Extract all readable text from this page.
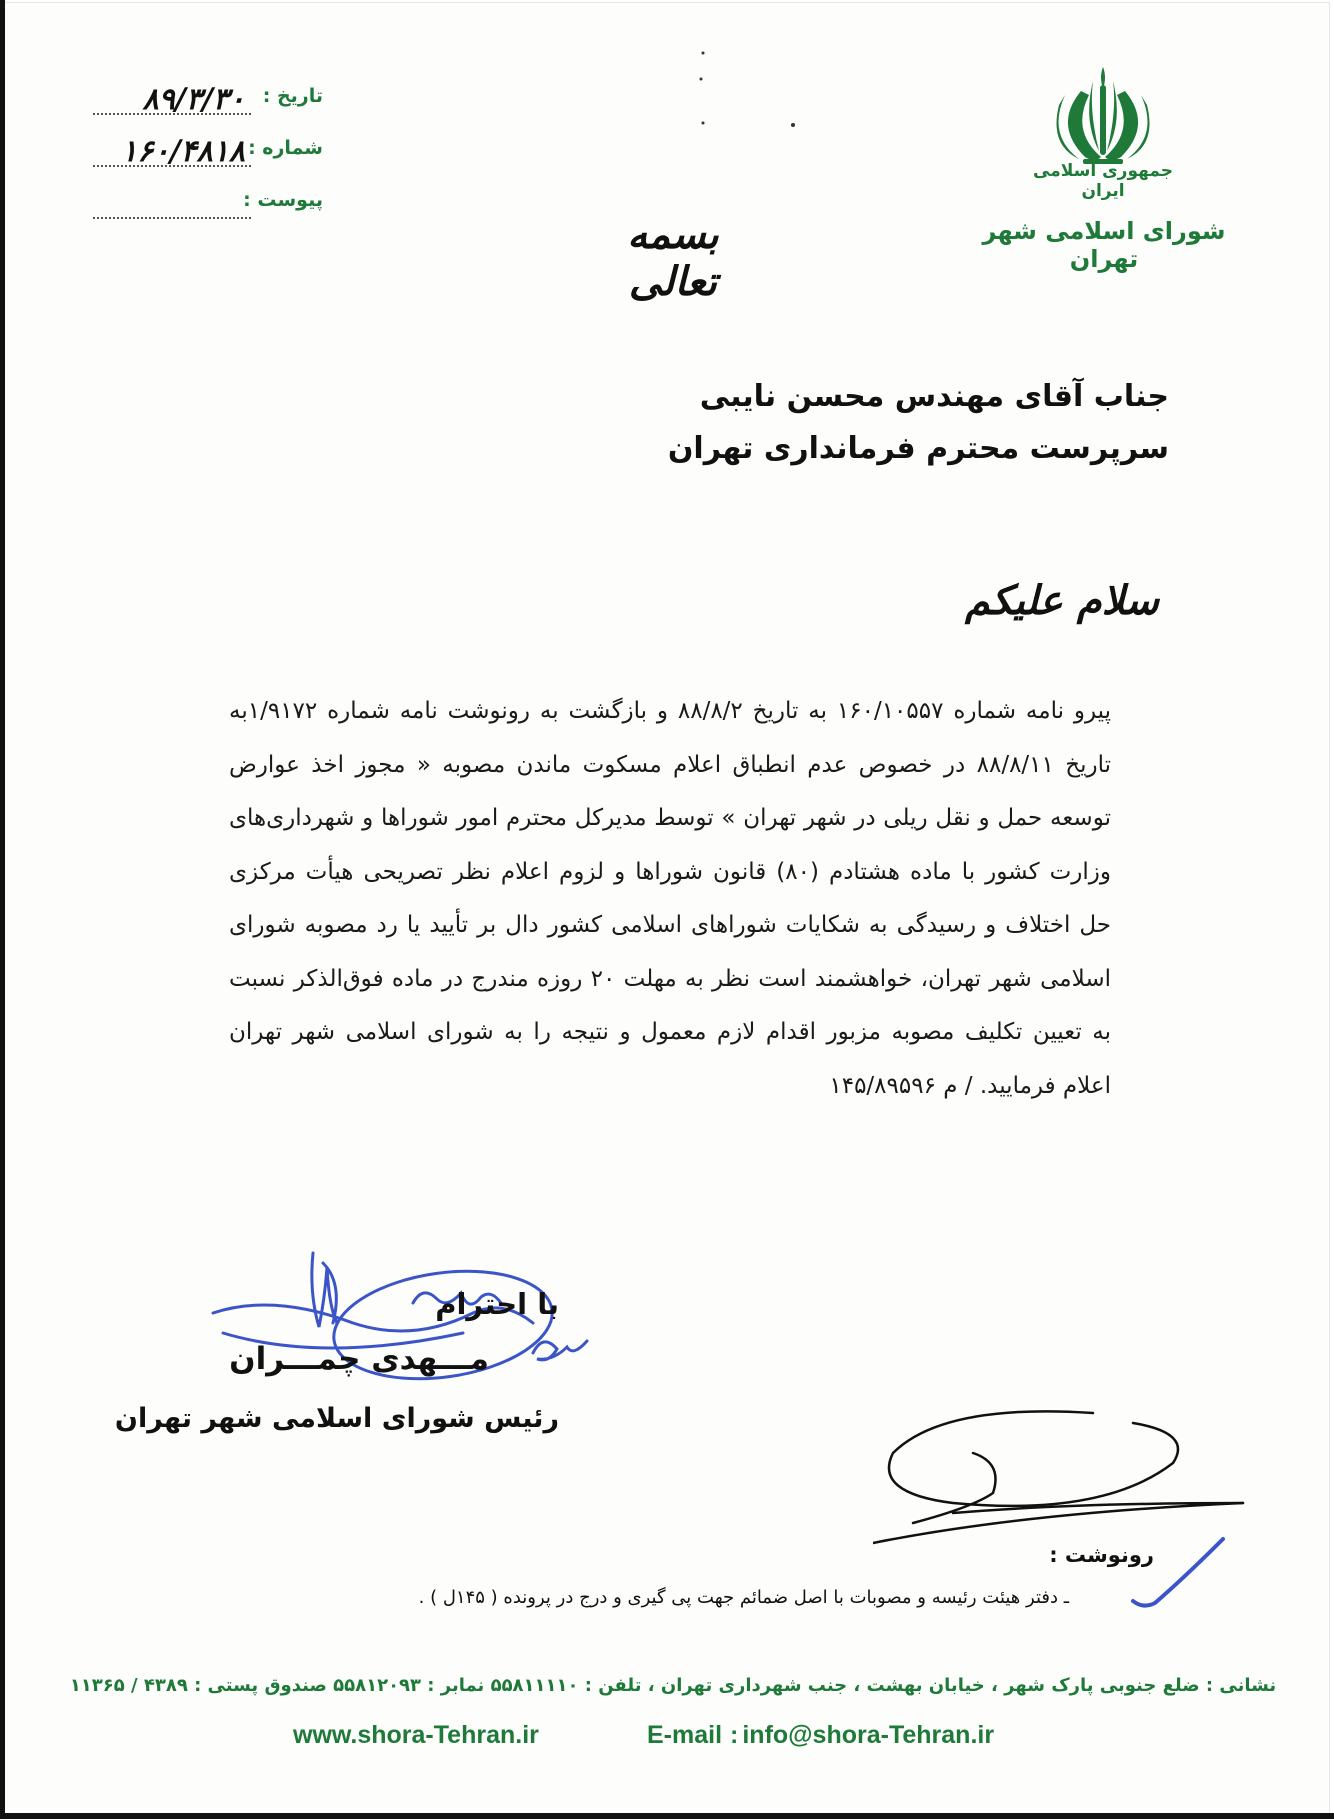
تاریخ :
۸۹/۳/۳۰
شماره :
۱۶۰/۴۸۱۸
پیوست :
جمهوری اسلامی ایران
شورای اسلامی شهر تهران
بسمه تعالی
جناب آقای مهندس محسن نایبی
سرپرست محترم فرمانداری تهران
سلام علیکم
پیرو نامه شماره ۱۶۰/۱۰۵۵۷ به تاریخ ۸۸/۸/۲ و بازگشت به رونوشت نامه شماره ۱/۹۱۷۲به تاریخ ۸۸/۸/۱۱ در خصوص عدم انطباق اعلام مسکوت ماندن مصوبه « مجوز اخذ عوارض توسعه حمل و نقل ریلی در شهر تهران » توسط مدیرکل محترم امور شوراها و شهرداری‌های وزارت کشور با ماده هشتادم (۸۰) قانون شوراها و لزوم اعلام نظر تصریحی هیأت مرکزی حل اختلاف و رسیدگی به شکایات شوراهای اسلامی کشور دال بر تأیید یا رد مصوبه شورای اسلامی شهر تهران، خواهشمند است نظر به مهلت ۲۰ روزه مندرج در ماده فوق‌الذکر نسبت به تعیین تکلیف مصوبه مزبور اقدام لازم معمول و نتیجه را به شورای اسلامی شهر تهران اعلام فرمایید. / م ۱۴۵/۸۹۵۹۶
با احترام
مـــهدی چمـــران
رئیس شورای اسلامی شهر تهران
رونوشت :
ـ دفتر هیئت رئیسه و مصوبات با اصل ضمائم جهت پی گیری و درج در پرونده ( ۱۴۵ل ) .
نشانی : ضلع جنوبی پارک شهر ، خیابان بهشت ، جنب شهرداری تهران ، تلفن : ۵۵۸۱۱۱۱۰ نمابر : ۵۵۸۱۲۰۹۳ صندوق پستی : ۴۳۸۹ / ۱۱۳۶۵
www.shora-Tehran.ir	E-mail : info@shora-Tehran.ir
